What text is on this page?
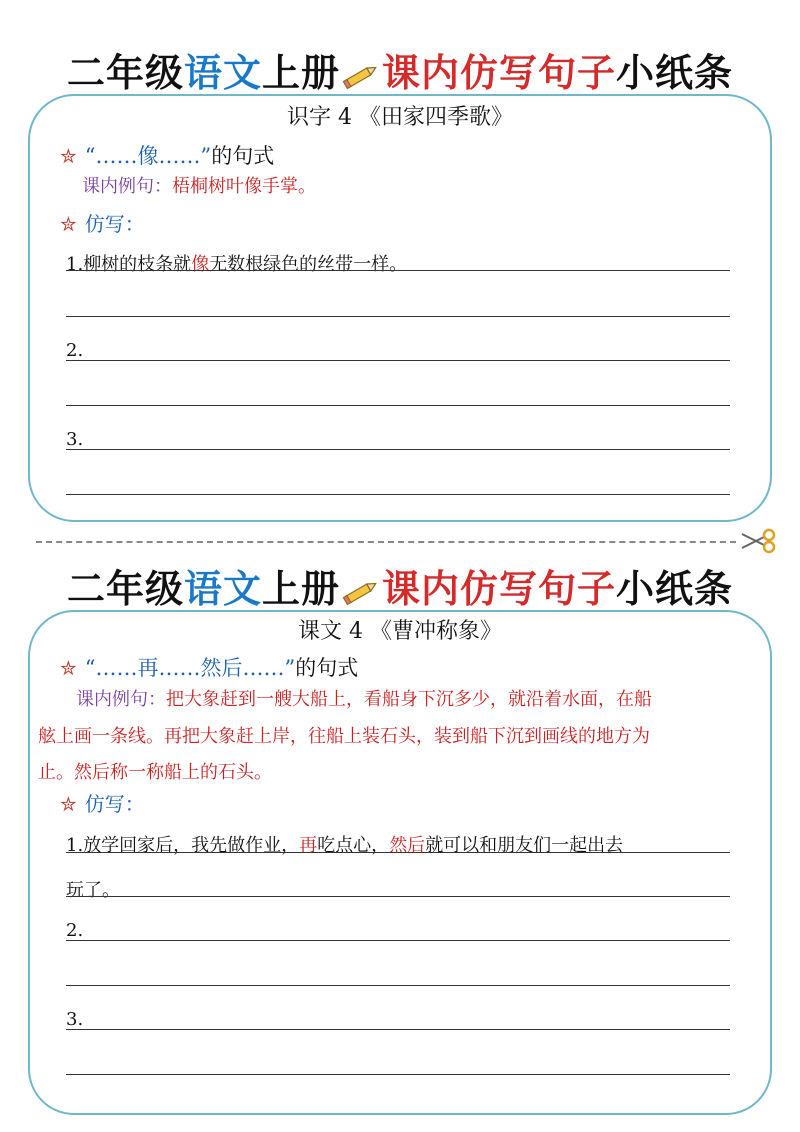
二年级语文上册 课内仿写句子小纸条
识字 4 《田家四季歌》
✮ “……像……”的句式
课内例句：梧桐树叶像手掌。
✮ 仿写：
1.柳树的枝条就像无数根绿色的丝带一样。
2.
3.
二年级语文上册 课内仿写句子小纸条
课文 4 《曹冲称象》
✮ “……再……然后……”的句式
课内例句：把大象赶到一艘大船上，看船身下沉多少，就沿着水面，在船
舷上画一条线。再把大象赶上岸，往船上装石头，装到船下沉到画线的地方为
止。然后称一称船上的石头。
✮ 仿写：
1.放学回家后，我先做作业，再吃点心，然后就可以和朋友们一起出去
玩了。
2.
3.
